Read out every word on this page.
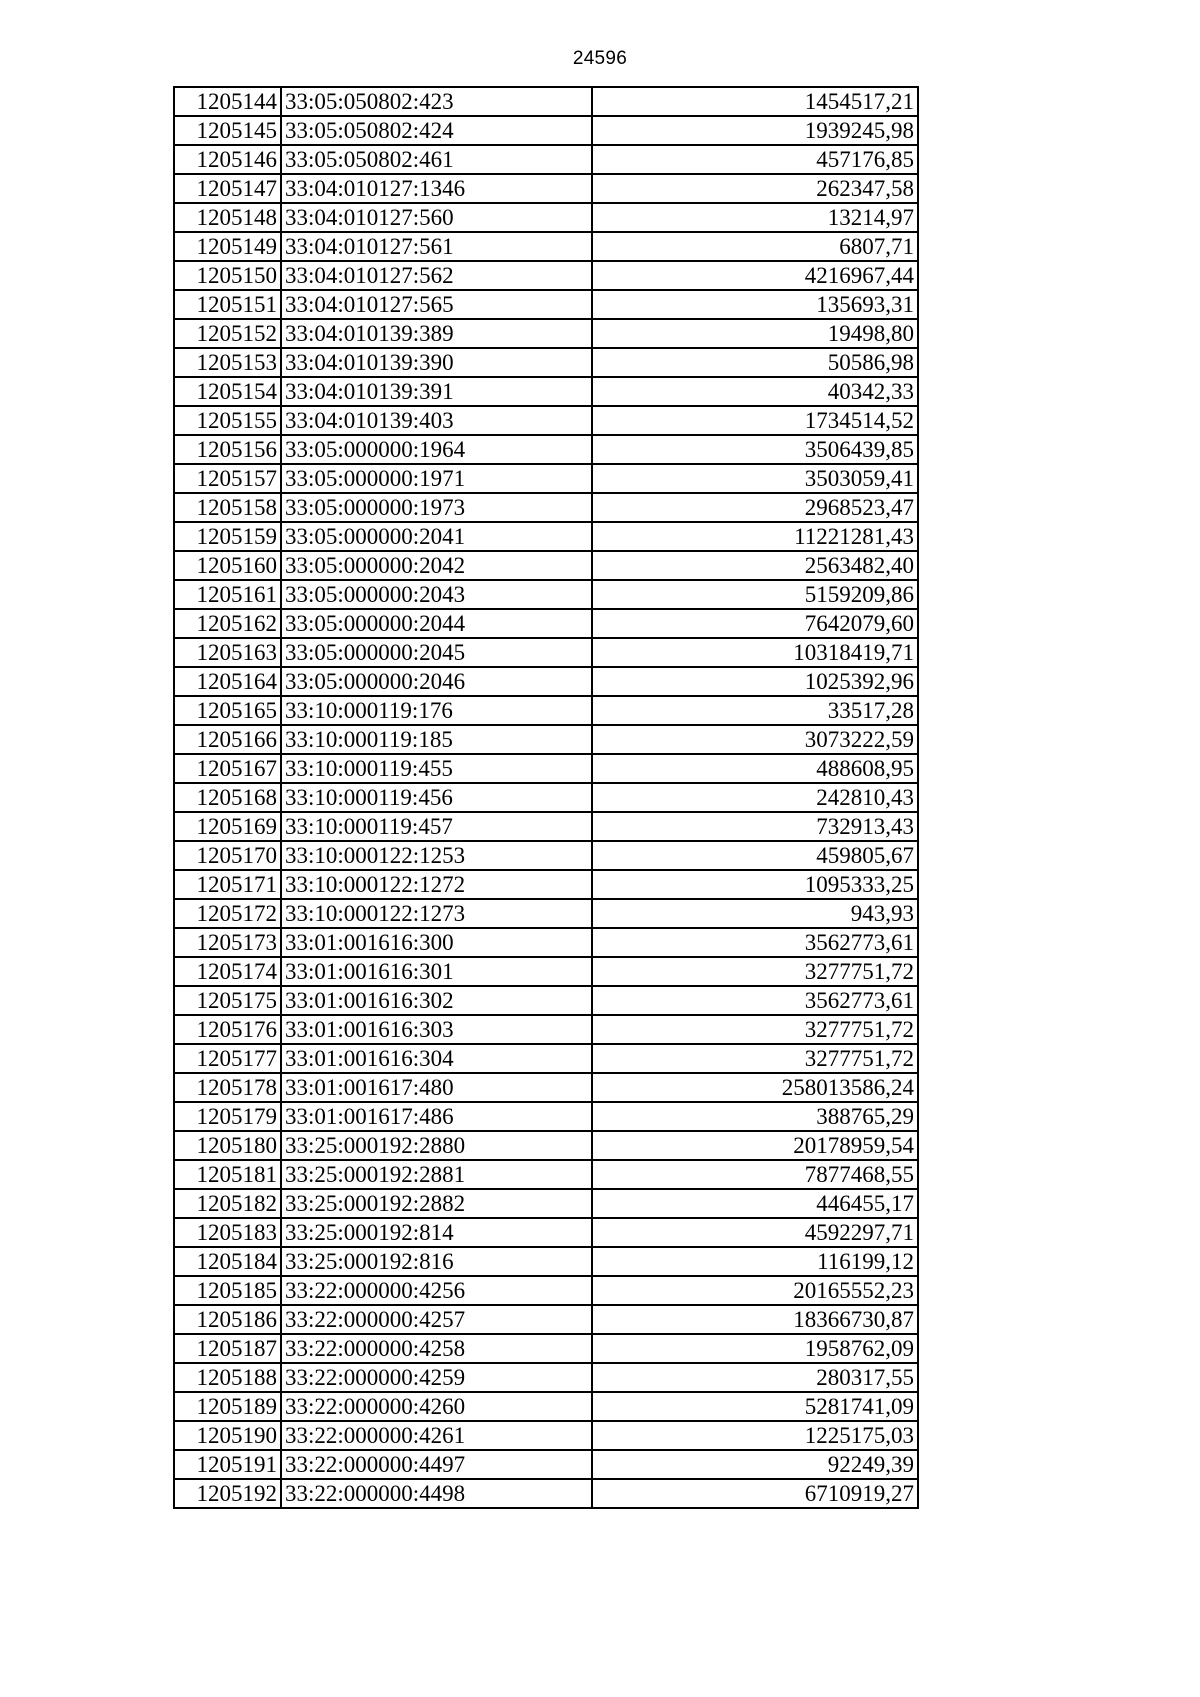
24596
1205144	33:05:050802:423	1454517,21
1205145	33:05:050802:424	1939245,98
1205146	33:05:050802:461	457176,85
1205147	33:04:010127:1346	262347,58
1205148	33:04:010127:560	13214,97
1205149	33:04:010127:561	6807,71
1205150	33:04:010127:562	4216967,44
1205151	33:04:010127:565	135693,31
1205152	33:04:010139:389	19498,80
1205153	33:04:010139:390	50586,98
1205154	33:04:010139:391	40342,33
1205155	33:04:010139:403	1734514,52
1205156	33:05:000000:1964	3506439,85
1205157	33:05:000000:1971	3503059,41
1205158	33:05:000000:1973	2968523,47
1205159	33:05:000000:2041	11221281,43
1205160	33:05:000000:2042	2563482,40
1205161	33:05:000000:2043	5159209,86
1205162	33:05:000000:2044	7642079,60
1205163	33:05:000000:2045	10318419,71
1205164	33:05:000000:2046	1025392,96
1205165	33:10:000119:176	33517,28
1205166	33:10:000119:185	3073222,59
1205167	33:10:000119:455	488608,95
1205168	33:10:000119:456	242810,43
1205169	33:10:000119:457	732913,43
1205170	33:10:000122:1253	459805,67
1205171	33:10:000122:1272	1095333,25
1205172	33:10:000122:1273	943,93
1205173	33:01:001616:300	3562773,61
1205174	33:01:001616:301	3277751,72
1205175	33:01:001616:302	3562773,61
1205176	33:01:001616:303	3277751,72
1205177	33:01:001616:304	3277751,72
1205178	33:01:001617:480	258013586,24
1205179	33:01:001617:486	388765,29
1205180	33:25:000192:2880	20178959,54
1205181	33:25:000192:2881	7877468,55
1205182	33:25:000192:2882	446455,17
1205183	33:25:000192:814	4592297,71
1205184	33:25:000192:816	116199,12
1205185	33:22:000000:4256	20165552,23
1205186	33:22:000000:4257	18366730,87
1205187	33:22:000000:4258	1958762,09
1205188	33:22:000000:4259	280317,55
1205189	33:22:000000:4260	5281741,09
1205190	33:22:000000:4261	1225175,03
1205191	33:22:000000:4497	92249,39
1205192	33:22:000000:4498	6710919,27
